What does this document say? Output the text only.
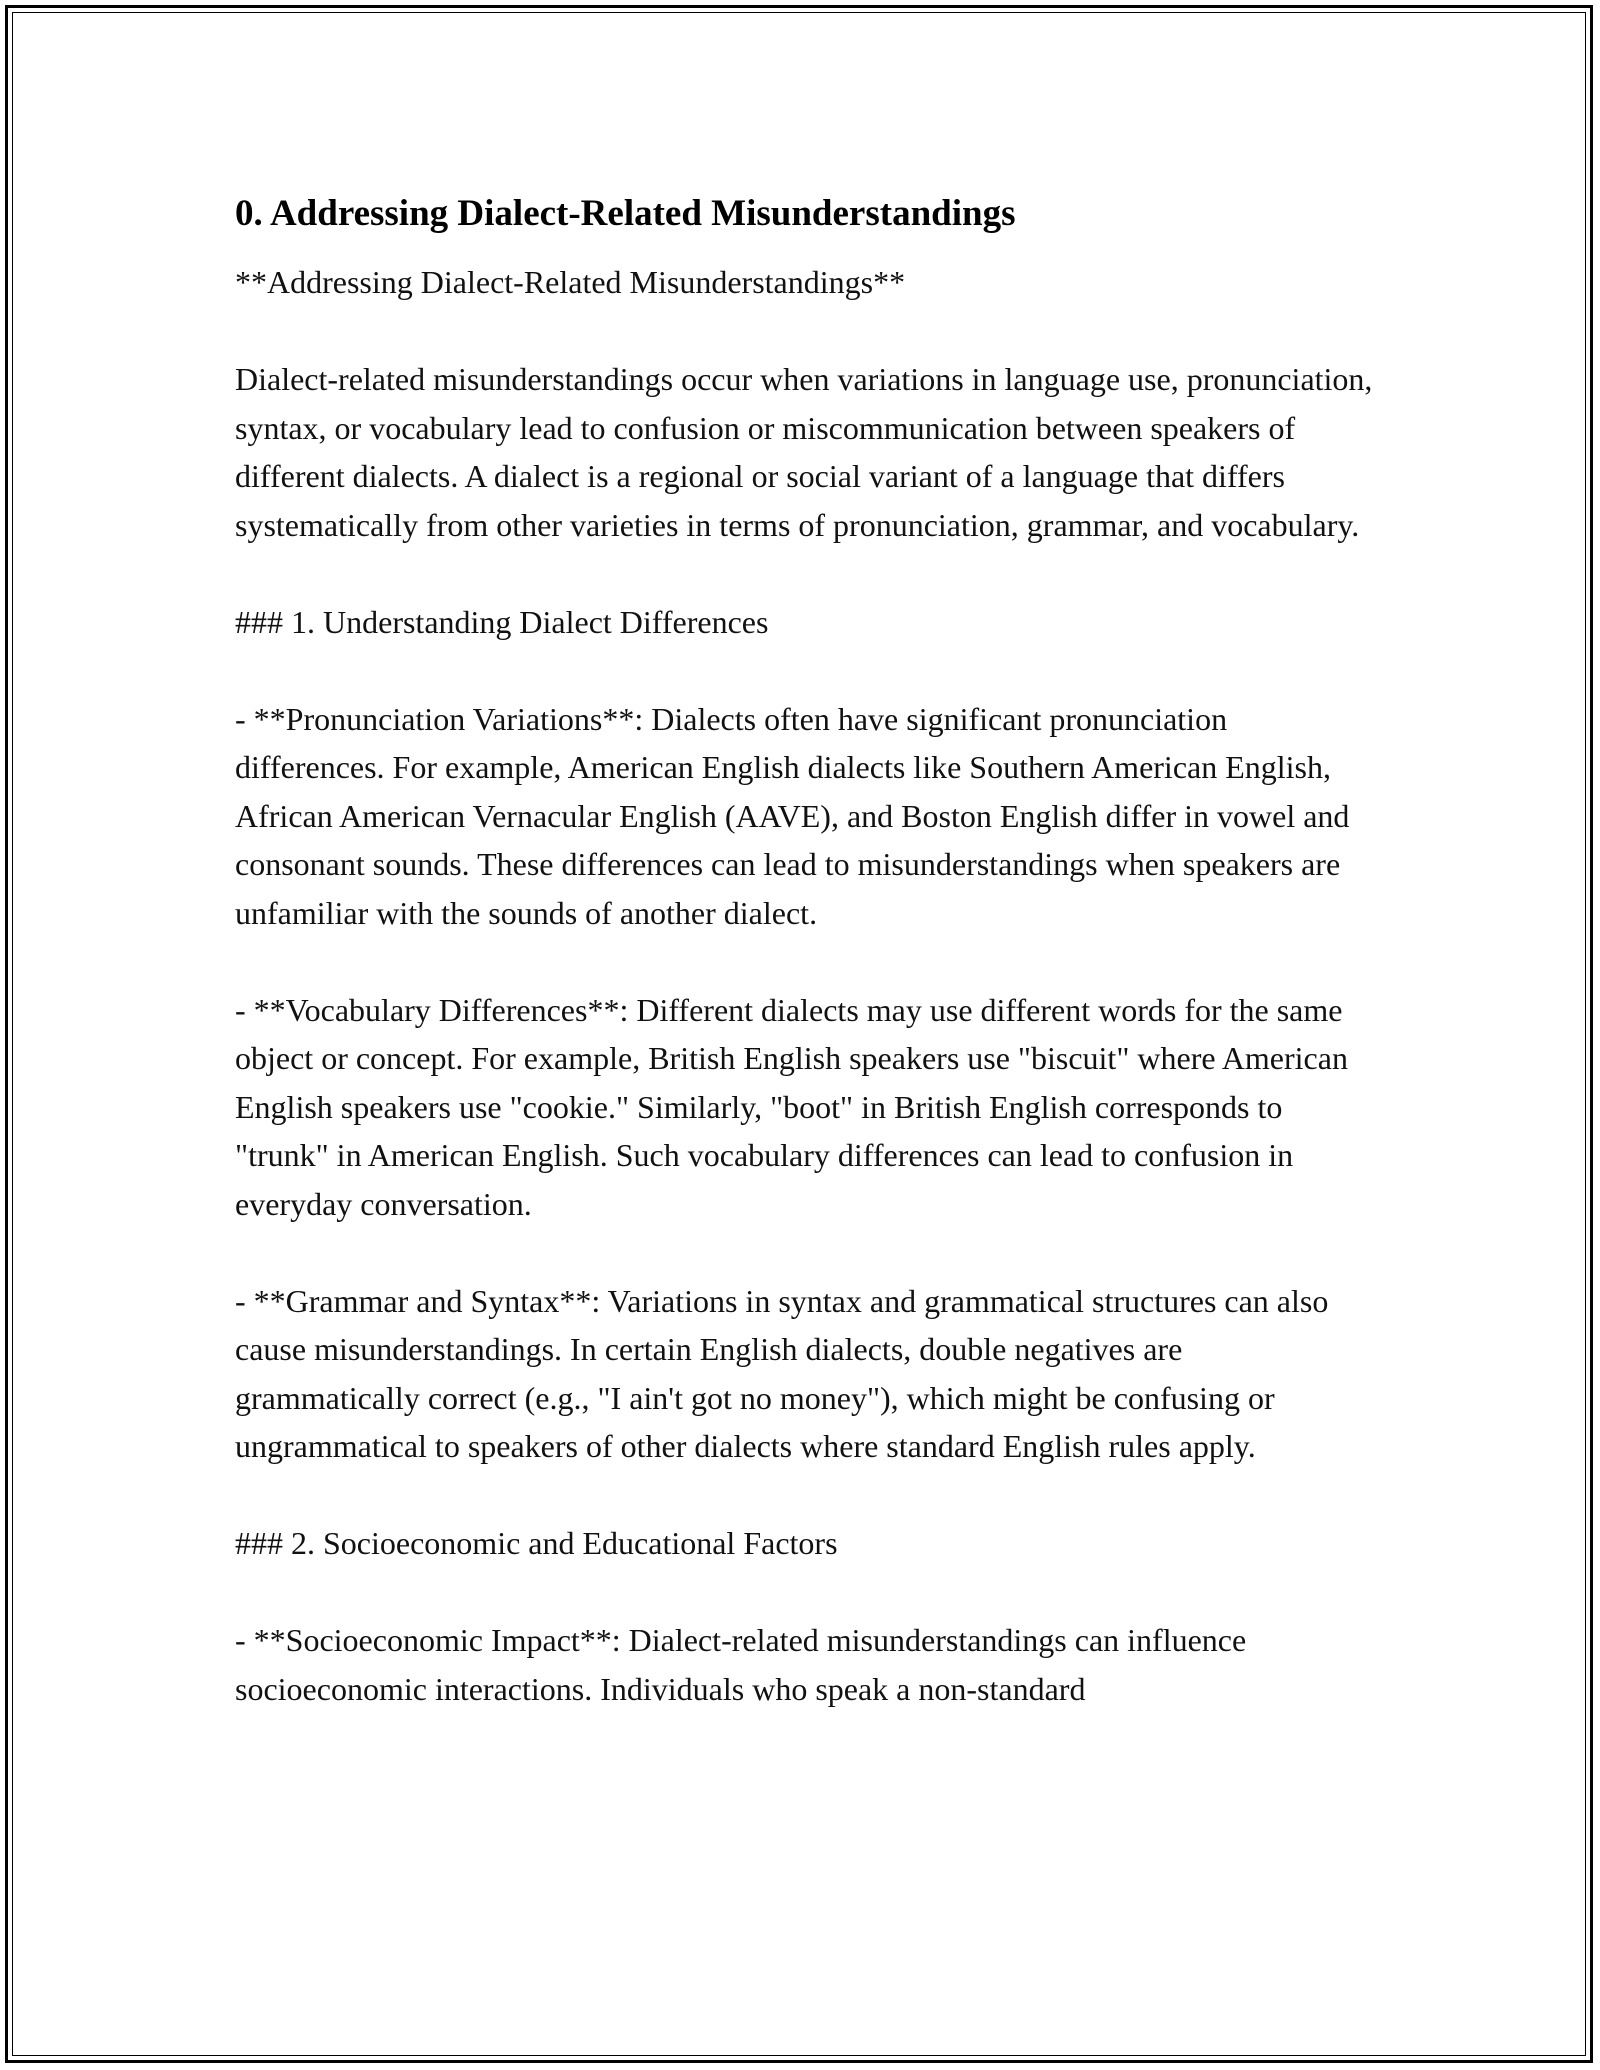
0. Addressing Dialect-Related Misunderstandings

**Addressing Dialect-Related Misunderstandings**

Dialect-related misunderstandings occur when variations in language use, pronunciation, syntax, or vocabulary lead to confusion or miscommunication between speakers of different dialects. A dialect is a regional or social variant of a language that differs systematically from other varieties in terms of pronunciation, grammar, and vocabulary.

### 1. Understanding Dialect Differences

- **Pronunciation Variations**: Dialects often have significant pronunciation differences. For example, American English dialects like Southern American English, African American Vernacular English (AAVE), and Boston English differ in vowel and consonant sounds. These differences can lead to misunderstandings when speakers are unfamiliar with the sounds of another dialect.

- **Vocabulary Differences**: Different dialects may use different words for the same object or concept. For example, British English speakers use "biscuit" where American English speakers use "cookie." Similarly, "boot" in British English corresponds to "trunk" in American English. Such vocabulary differences can lead to confusion in everyday conversation.

- **Grammar and Syntax**: Variations in syntax and grammatical structures can also cause misunderstandings. In certain English dialects, double negatives are grammatically correct (e.g., "I ain't got no money"), which might be confusing or ungrammatical to speakers of other dialects where standard English rules apply.

### 2. Socioeconomic and Educational Factors

- **Socioeconomic Impact**: Dialect-related misunderstandings can influence socioeconomic interactions. Individuals who speak a non-standard
